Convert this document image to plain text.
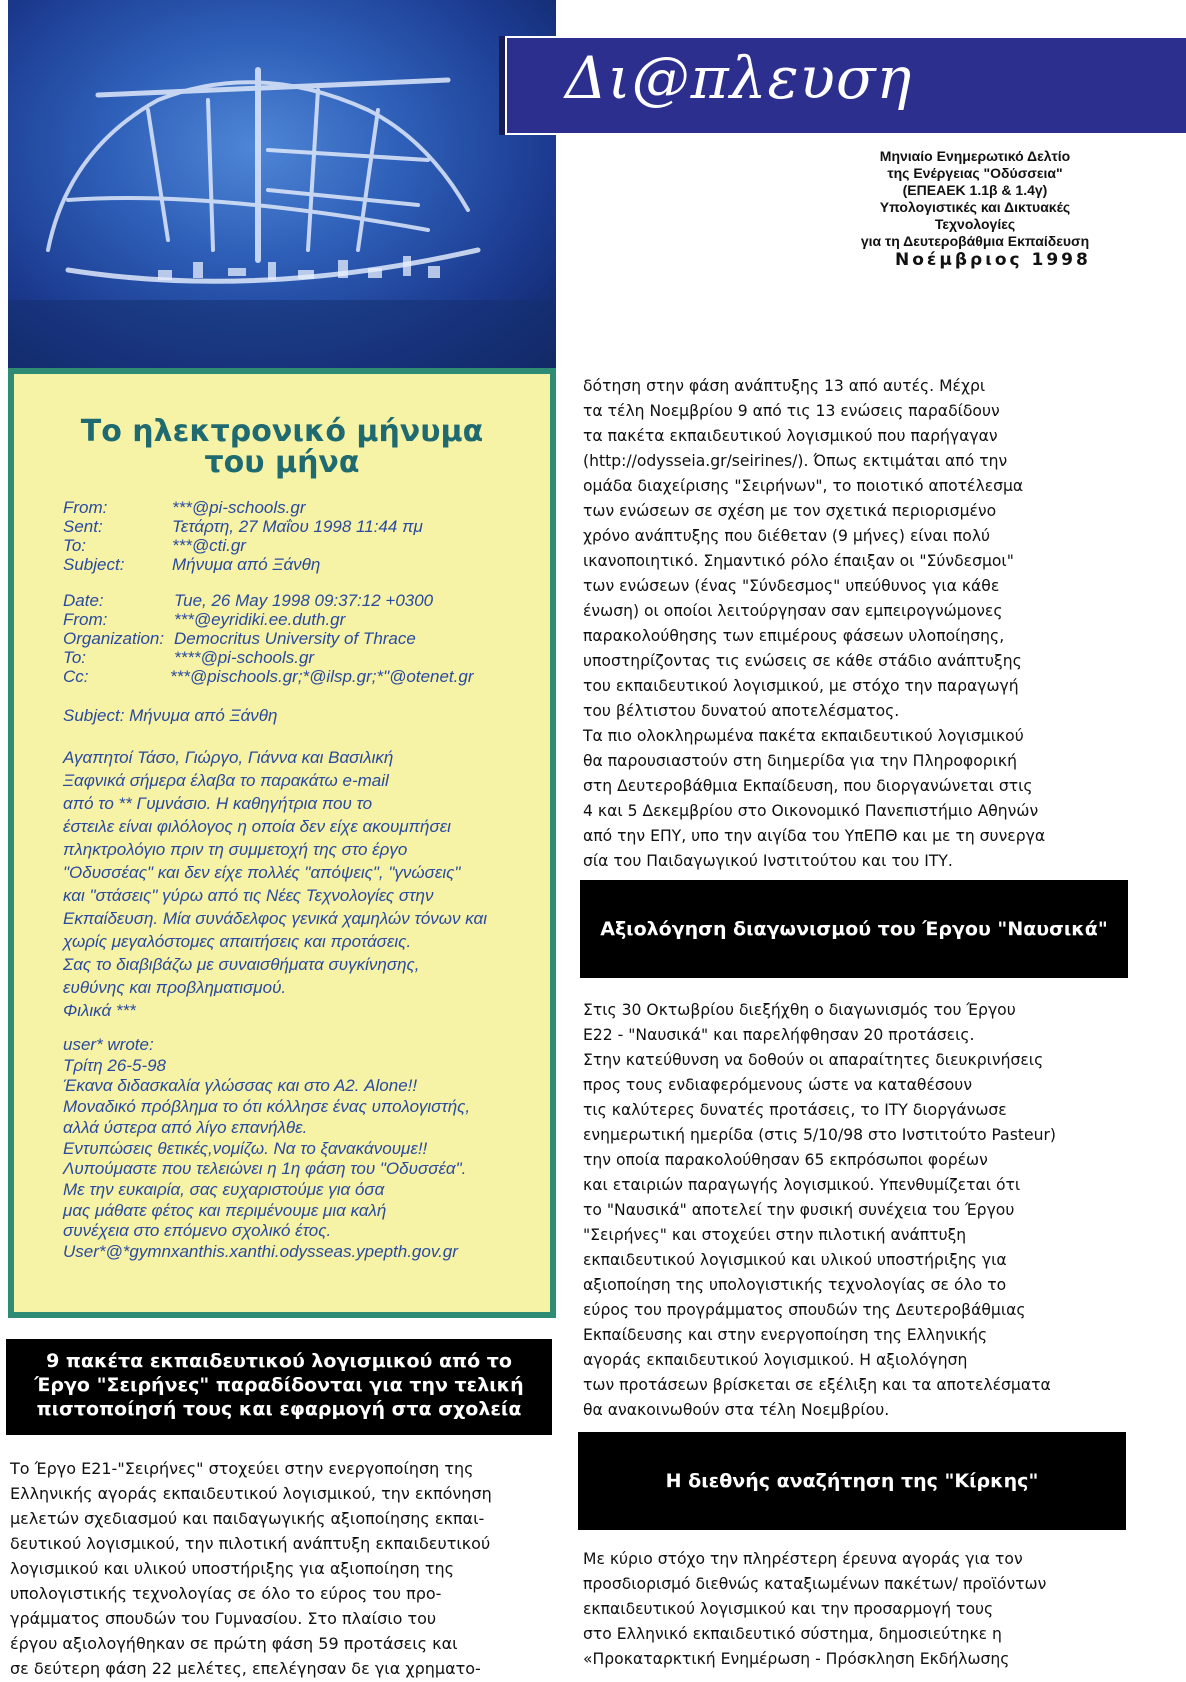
Δι@πλευση
Μηνιαίο Ενημερωτικό Δελτίο
της Ενέργειας "Οδύσσεια"
(ΕΠΕΑΕΚ 1.1β & 1.4γ)
Υπολογιστικές και Δικτυακές Τεχνολογίες
για τη Δευτεροβάθμια Εκπαίδευση
Νοέμβριος 1998
Το ηλεκτρονικό μήνυμα
του μήνα
From:	***@pi-schools.gr
Sent:	Τετάρτη, 27 Μαΐου 1998 11:44 πμ
To:	***@cti.gr
Subject:	Μήνυμα από Ξάνθη
Date:	Tue, 26 May 1998 09:37:12 +0300
From:	***@eyridiki.ee.duth.gr
Organization: Democritus University of Thrace
To:	****@pi-schools.gr
Cc:	***@pischools.gr;*@ilsp.gr;*"@otenet.gr
Subject: Μήνυμα από Ξάνθη
Αγαπητοί Τάσο, Γιώργο, Γιάννα και Βασιλική
Ξαφνικά σήμερα έλαβα το παρακάτω e-mail
από το ** Γυμνάσιο. Η καθηγήτρια που το
έστειλε είναι φιλόλογος η οποία δεν είχε ακουμπήσει
πληκτρολόγιο πριν τη συμμετοχή της στο έργο
"Οδυσσέας" και δεν είχε πολλές "απόψεις", "γνώσεις"
και "στάσεις" γύρω από τις Νέες Τεχνολογίες στην
Εκπαίδευση. Μία συνάδελφος γενικά χαμηλών τόνων και
χωρίς μεγαλόστομες απαιτήσεις και προτάσεις.
Σας το διαβιβάζω με συναισθήματα συγκίνησης,
ευθύνης και προβληματισμού.
Φιλικά ***
user* wrote:
Τρίτη 26-5-98
Έκανα διδασκαλία γλώσσας και στο Α2. Alone!!
Μοναδικό πρόβλημα το ότι κόλλησε ένας υπολογιστής,
αλλά ύστερα από λίγο επανήλθε.
Εντυπώσεις θετικές,νομίζω. Να το ξανακάνουμε!!
Λυπούμαστε που τελειώνει η 1η φάση του "Οδυσσέα".
Με την ευκαιρία, σας ευχαριστούμε για όσα
μας μάθατε φέτος και περιμένουμε μια καλή
συνέχεια στο επόμενο σχολικό έτος.
User*@*gymnxanthis.xanthi.odysseas.ypepth.gov.gr
9 πακέτα εκπαιδευτικού λογισμικού από το
Έργο "Σειρήνες" παραδίδονται για την τελική
πιστοποίησή τους και εφαρμογή στα σχολεία
Το Έργο Ε21-"Σειρήνες" στοχεύει στην ενεργοποίηση της
Ελληνικής αγοράς εκπαιδευτικού λογισμικού, την εκπόνηση
μελετών σχεδιασμού και παιδαγωγικής αξιοποίησης εκπαι-
δευτικού λογισμικού, την πιλοτική ανάπτυξη εκπαιδευτικού
λογισμικού και υλικού υποστήριξης για αξιοποίηση της
υπολογιστικής τεχνολογίας σε όλο το εύρος του προ-
γράμματος σπουδών του Γυμνασίου. Στο πλαίσιο του
έργου αξιολογήθηκαν σε πρώτη φάση 59 προτάσεις και
σε δεύτερη φάση 22 μελέτες, επελέγησαν δε για χρηματο-
δότηση στην φάση ανάπτυξης 13 από αυτές. Μέχρι
τα τέλη Νοεμβρίου 9 από τις 13 ενώσεις παραδίδουν
τα πακέτα εκπαιδευτικού λογισμικού που παρήγαγαν
(http://odysseia.gr/seirines/). Όπως εκτιμάται από την
ομάδα διαχείρισης "Σειρήνων", το ποιοτικό αποτέλεσμα
των ενώσεων σε σχέση με τον σχετικά περιορισμένο
χρόνο ανάπτυξης που διέθεταν (9 μήνες) είναι πολύ
ικανοποιητικό. Σημαντικό ρόλο έπαιξαν οι "Σύνδεσμοι"
των ενώσεων (ένας "Σύνδεσμος" υπεύθυνος για κάθε
ένωση) οι οποίοι λειτούργησαν σαν εμπειρογνώμονες
παρακολούθησης των επιμέρους φάσεων υλοποίησης,
υποστηρίζοντας τις ενώσεις σε κάθε στάδιο ανάπτυξης
του εκπαιδευτικού λογισμικού, με στόχο την παραγωγή
του βέλτιστου δυνατού αποτελέσματος.
Τα πιο ολοκληρωμένα πακέτα εκπαιδευτικού λογισμικού
θα παρουσιαστούν στη διημερίδα για την Πληροφορική
στη Δευτεροβάθμια Εκπαίδευση, που διοργανώνεται στις
4 και 5 Δεκεμβρίου στο Οικονομικό Πανεπιστήμιο Αθηνών
από την ΕΠΥ, υπο την αιγίδα του ΥπΕΠΘ και με τη συνεργα
σία του Παιδαγωγικού Ινστιτούτου και του ΙΤΥ.
Αξιολόγηση διαγωνισμού του Έργου "Ναυσικά"
Στις 30 Οκτωβρίου διεξήχθη ο διαγωνισμός του Έργου
Ε22 - "Ναυσικά" και παρελήφθησαν 20 προτάσεις.
Στην κατεύθυνση να δοθούν οι απαραίτητες διευκρινήσεις
προς τους ενδιαφερόμενους ώστε να καταθέσουν
τις καλύτερες δυνατές προτάσεις, το ΙΤΥ διοργάνωσε
ενημερωτική ημερίδα (στις 5/10/98 στο Ινστιτούτο Pasteur)
την οποία παρακολούθησαν 65 εκπρόσωποι φορέων
και εταιριών παραγωγής λογισμικού. Υπενθυμίζεται ότι
το "Ναυσικά" αποτελεί την φυσική συνέχεια του Έργου
"Σειρήνες" και στοχεύει στην πιλοτική ανάπτυξη
εκπαιδευτικού λογισμικού και υλικού υποστήριξης για
αξιοποίηση της υπολογιστικής τεχνολογίας σε όλο το
εύρος του προγράμματος σπουδών της Δευτεροβάθμιας
Εκπαίδευσης και στην ενεργοποίηση της Ελληνικής
αγοράς εκπαιδευτικού λογισμικού. Η αξιολόγηση
των προτάσεων βρίσκεται σε εξέλιξη και τα αποτελέσματα
θα ανακοινωθούν στα τέλη Νοεμβρίου.
Η διεθνής αναζήτηση της "Κίρκης"
Με κύριο στόχο την πληρέστερη έρευνα αγοράς για τον
προσδιορισμό διεθνώς καταξιωμένων πακέτων/ προϊόντων
εκπαιδευτικού λογισμικού και την προσαρμογή τους
στο Ελληνικό εκπαιδευτικό σύστημα, δημοσιεύτηκε η
«Προκαταρκτική Ενημέρωση - Πρόσκληση Εκδήλωσης
